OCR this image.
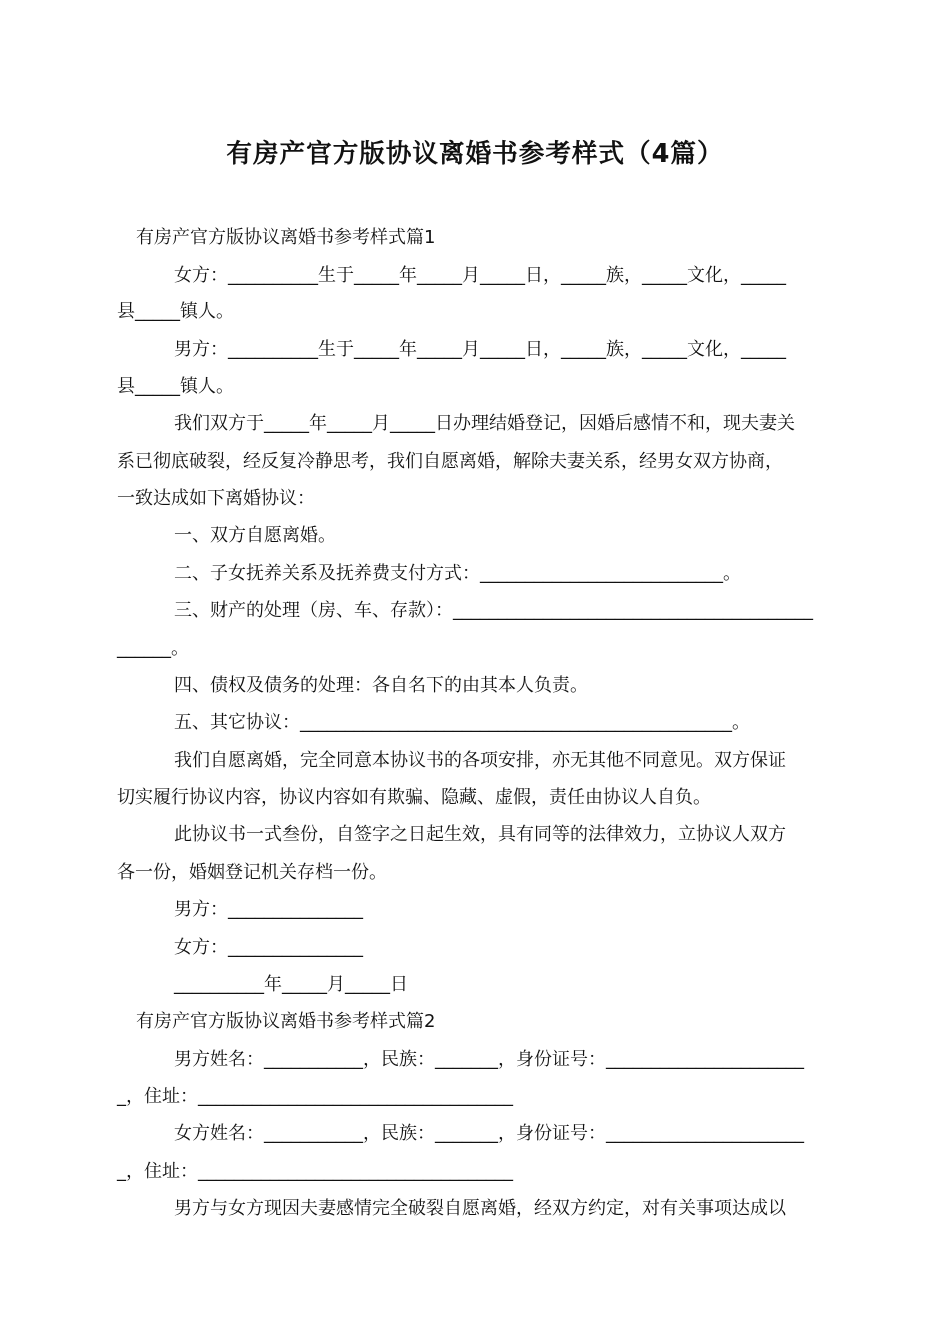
有房产官方版协议离婚书参考样式（4篇）
有房产官方版协议离婚书参考样式篇1
女方：__________生于_____年_____月_____日，_____族，_____文化，_____
县_____镇人。
男方：__________生于_____年_____月_____日，_____族，_____文化，_____
县_____镇人。
我们双方于_____年_____月_____日办理结婚登记，因婚后感情不和，现夫妻关
系已彻底破裂，经反复冷静思考，我们自愿离婚，解除夫妻关系，经男女双方协商，
一致达成如下离婚协议：
一、双方自愿离婚。
二、子女抚养关系及抚养费支付方式：___________________________。
三、财产的处理（房、车、存款）：________________________________________
______。
四、债权及债务的处理：各自名下的由其本人负责。
五、其它协议：________________________________________________。
我们自愿离婚，完全同意本协议书的各项安排，亦无其他不同意见。双方保证
切实履行协议内容，协议内容如有欺骗、隐藏、虚假，责任由协议人自负。
此协议书一式叁份，自签字之日起生效，具有同等的法律效力，立协议人双方
各一份，婚姻登记机关存档一份。
男方：_______________
女方：_______________
__________年_____月_____日
有房产官方版协议离婚书参考样式篇2
男方姓名：___________，民族：_______，身份证号：______________________
_，住址：___________________________________
女方姓名：___________，民族：_______，身份证号：______________________
_，住址：___________________________________
男方与女方现因夫妻感情完全破裂自愿离婚，经双方约定，对有关事项达成以
